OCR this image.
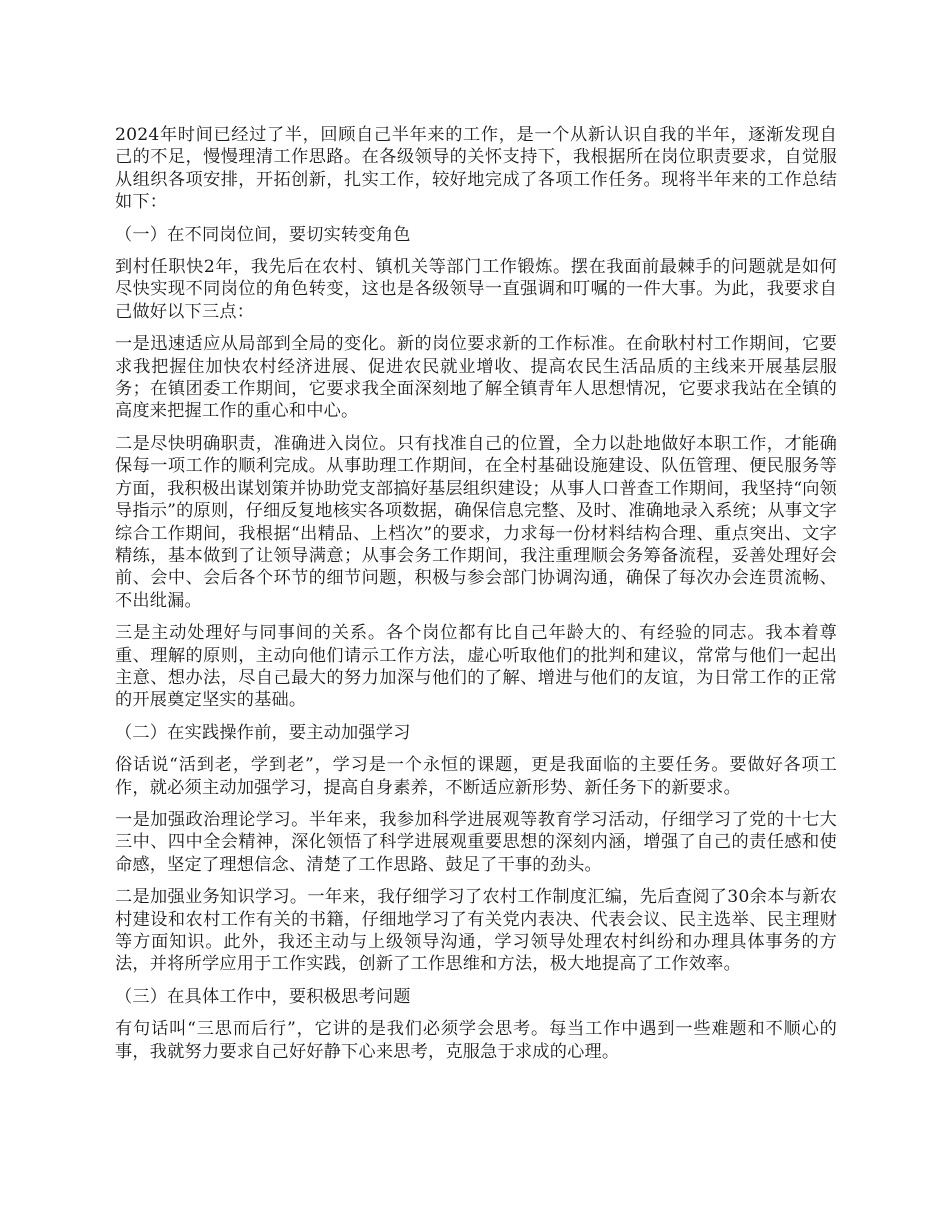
2024年时间已经过了半，回顾自己半年来的工作，是一个从新认识自我的半年，逐渐发现自己的不足，慢慢理清工作思路。在各级领导的关怀支持下，我根据所在岗位职责要求，自觉服从组织各项安排，开拓创新，扎实工作，较好地完成了各项工作任务。现将半年来的工作总结如下：

（一）在不同岗位间，要切实转变角色

到村任职快2年，我先后在农村、镇机关等部门工作锻炼。摆在我面前最棘手的问题就是如何尽快实现不同岗位的角色转变，这也是各级领导一直强调和叮嘱的一件大事。为此，我要求自己做好以下三点：

一是迅速适应从局部到全局的变化。新的岗位要求新的工作标准。在俞耿村村工作期间，它要求我把握住加快农村经济进展、促进农民就业增收、提高农民生活品质的主线来开展基层服务；在镇团委工作期间，它要求我全面深刻地了解全镇青年人思想情况，它要求我站在全镇的高度来把握工作的重心和中心。

二是尽快明确职责，准确进入岗位。只有找准自己的位置，全力以赴地做好本职工作，才能确保每一项工作的顺利完成。从事助理工作期间，在全村基础设施建设、队伍管理、便民服务等方面，我积极出谋划策并协助党支部搞好基层组织建设；从事人口普查工作期间，我坚持“向领导指示”的原则，仔细反复地核实各项数据，确保信息完整、及时、准确地录入系统；从事文字综合工作期间，我根据“出精品、上档次”的要求，力求每一份材料结构合理、重点突出、文字精练，基本做到了让领导满意；从事会务工作期间，我注重理顺会务筹备流程，妥善处理好会前、会中、会后各个环节的细节问题，积极与参会部门协调沟通，确保了每次办会连贯流畅、不出纰漏。

三是主动处理好与同事间的关系。各个岗位都有比自己年龄大的、有经验的同志。我本着尊重、理解的原则，主动向他们请示工作方法，虚心听取他们的批判和建议，常常与他们一起出主意、想办法，尽自己最大的努力加深与他们的了解、增进与他们的友谊，为日常工作的正常的开展奠定坚实的基础。

（二）在实践操作前，要主动加强学习

俗话说“活到老，学到老”，学习是一个永恒的课题，更是我面临的主要任务。要做好各项工作，就必须主动加强学习，提高自身素养，不断适应新形势、新任务下的新要求。

一是加强政治理论学习。半年来，我参加科学进展观等教育学习活动，仔细学习了党的十七大三中、四中全会精神，深化领悟了科学进展观重要思想的深刻内涵，增强了自己的责任感和使命感，坚定了理想信念、清楚了工作思路、鼓足了干事的劲头。

二是加强业务知识学习。一年来，我仔细学习了农村工作制度汇编，先后查阅了30余本与新农村建设和农村工作有关的书籍，仔细地学习了有关党内表决、代表会议、民主选举、民主理财等方面知识。此外，我还主动与上级领导沟通，学习领导处理农村纠纷和办理具体事务的方法，并将所学应用于工作实践，创新了工作思维和方法，极大地提高了工作效率。

（三）在具体工作中，要积极思考问题

有句话叫“三思而后行”，它讲的是我们必须学会思考。每当工作中遇到一些难题和不顺心的事，我就努力要求自己好好静下心来思考，克服急于求成的心理。
